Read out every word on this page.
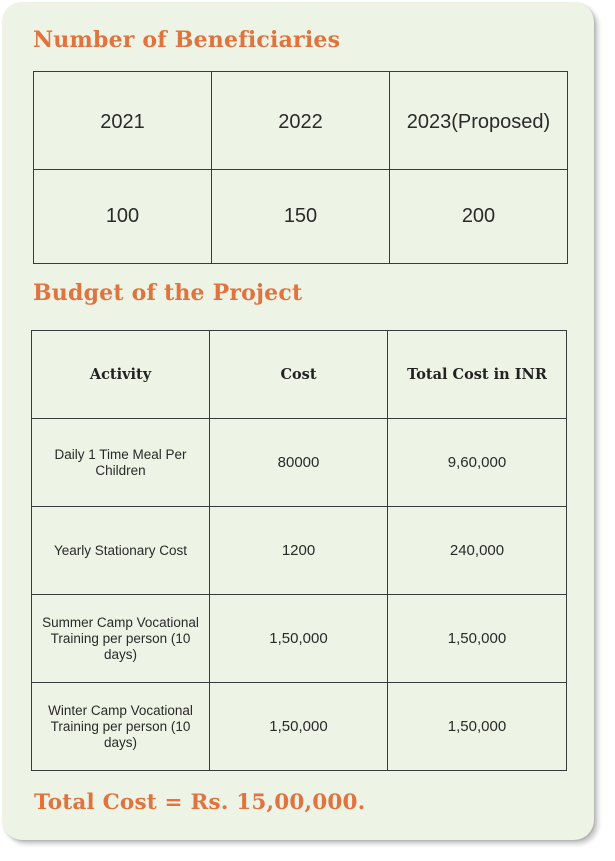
Number of Beneficiaries
2021	2022	2023(Proposed)
100	150	200
Budget of the Project
Activity	Cost	Total Cost in INR
Daily 1 Time Meal Per Children	80000	9,60,000
Yearly Stationary Cost	1200	240,000
Summer Camp Vocational Training per person (10 days)	1,50,000	1,50,000
Winter Camp Vocational Training per person (10 days)	1,50,000	1,50,000
Total Cost = Rs. 15,00,000.
